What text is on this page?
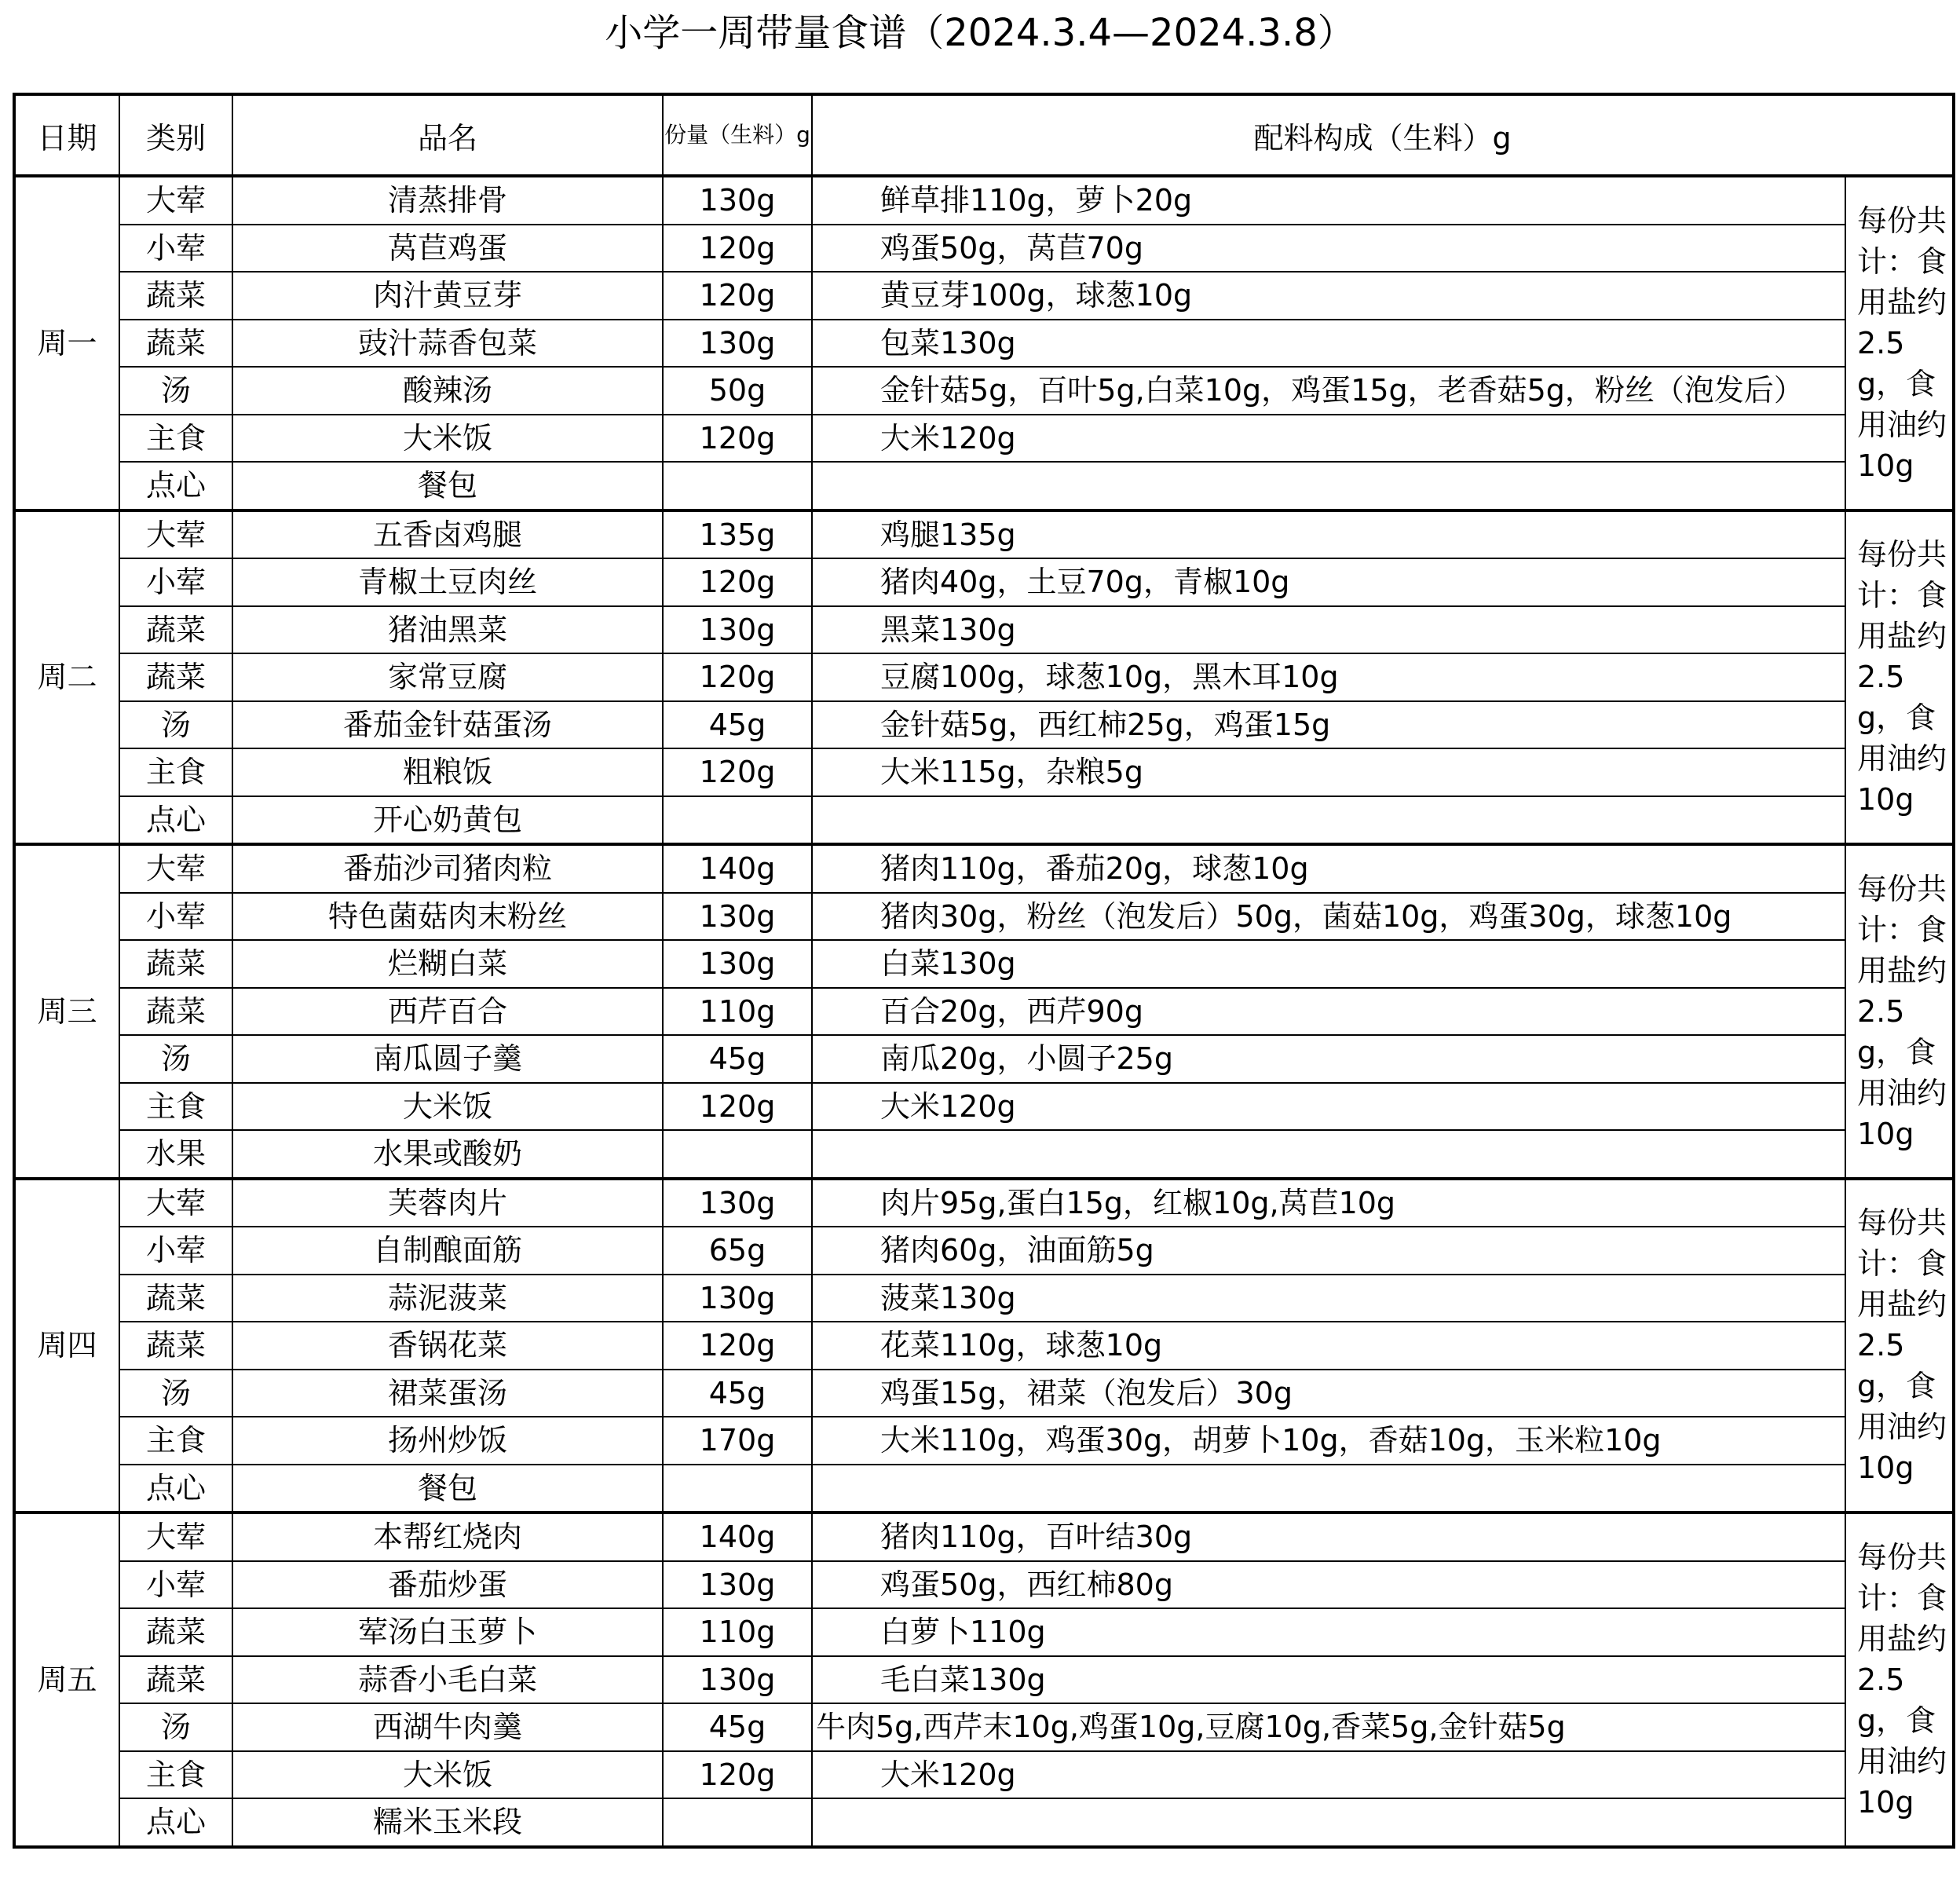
小学一周带量食谱（2024.3.4—2024.3.8）
日期	类别	品名	份量（生料）g	配料构成（生料）g	
周一	大荤	清蒸排骨	130g	鲜草排110g，萝卜20g	每份共计：食用盐约2.5g，食用油约10g
	小荤	莴苣鸡蛋	120g	鸡蛋50g，莴苣70g	
	蔬菜	肉汁黄豆芽	120g	黄豆芽100g，球葱10g	
	蔬菜	豉汁蒜香包菜	130g	包菜130g	
	汤	酸辣汤	50g	金针菇5g，百叶5g,白菜10g，鸡蛋15g，老香菇5g，粉丝（泡发后）	
	主食	大米饭	120g	大米120g	
	点心	餐包			
周二	大荤	五香卤鸡腿	135g	鸡腿135g	每份共计：食用盐约2.5g，食用油约10g
	小荤	青椒土豆肉丝	120g	猪肉40g，土豆70g，青椒10g	
	蔬菜	猪油黑菜	130g	黑菜130g	
	蔬菜	家常豆腐	120g	豆腐100g，球葱10g，黑木耳10g	
	汤	番茄金针菇蛋汤	45g	金针菇5g，西红柿25g，鸡蛋15g	
	主食	粗粮饭	120g	大米115g，杂粮5g	
	点心	开心奶黄包			
周三	大荤	番茄沙司猪肉粒	140g	猪肉110g，番茄20g，球葱10g	每份共计：食用盐约2.5g，食用油约10g
	小荤	特色菌菇肉末粉丝	130g	猪肉30g，粉丝（泡发后）50g，菌菇10g，鸡蛋30g，球葱10g	
	蔬菜	烂糊白菜	130g	白菜130g	
	蔬菜	西芹百合	110g	百合20g，西芹90g	
	汤	南瓜圆子羹	45g	南瓜20g，小圆子25g	
	主食	大米饭	120g	大米120g	
	水果	水果或酸奶			
周四	大荤	芙蓉肉片	130g	肉片95g,蛋白15g，红椒10g,莴苣10g	每份共计：食用盐约2.5g，食用油约10g
	小荤	自制酿面筋	65g	猪肉60g，油面筋5g	
	蔬菜	蒜泥菠菜	130g	菠菜130g	
	蔬菜	香锅花菜	120g	花菜110g，球葱10g	
	汤	裙菜蛋汤	45g	鸡蛋15g，裙菜（泡发后）30g	
	主食	扬州炒饭	170g	大米110g，鸡蛋30g，胡萝卜10g，香菇10g，玉米粒10g	
	点心	餐包			
周五	大荤	本帮红烧肉	140g	猪肉110g，百叶结30g	每份共计：食用盐约2.5g，食用油约10g
	小荤	番茄炒蛋	130g	鸡蛋50g，西红柿80g	
	蔬菜	荤汤白玉萝卜	110g	白萝卜110g	
	蔬菜	蒜香小毛白菜	130g	毛白菜130g	
	汤	西湖牛肉羹	45g	牛肉5g,西芹末10g,鸡蛋10g,豆腐10g,香菜5g,金针菇5g	
	主食	大米饭	120g	大米120g	
	点心	糯米玉米段			
